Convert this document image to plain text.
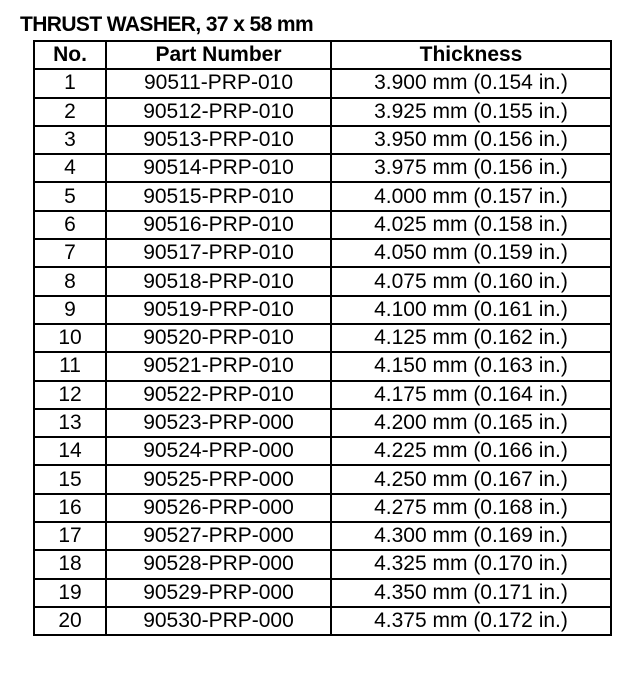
THRUST WASHER, 37 x 58 mm
No.	Part Number	Thickness
1	90511-PRP-010	3.900 mm (0.154 in.)
2	90512-PRP-010	3.925 mm (0.155 in.)
3	90513-PRP-010	3.950 mm (0.156 in.)
4	90514-PRP-010	3.975 mm (0.156 in.)
5	90515-PRP-010	4.000 mm (0.157 in.)
6	90516-PRP-010	4.025 mm (0.158 in.)
7	90517-PRP-010	4.050 mm (0.159 in.)
8	90518-PRP-010	4.075 mm (0.160 in.)
9	90519-PRP-010	4.100 mm (0.161 in.)
10	90520-PRP-010	4.125 mm (0.162 in.)
11	90521-PRP-010	4.150 mm (0.163 in.)
12	90522-PRP-010	4.175 mm (0.164 in.)
13	90523-PRP-000	4.200 mm (0.165 in.)
14	90524-PRP-000	4.225 mm (0.166 in.)
15	90525-PRP-000	4.250 mm (0.167 in.)
16	90526-PRP-000	4.275 mm (0.168 in.)
17	90527-PRP-000	4.300 mm (0.169 in.)
18	90528-PRP-000	4.325 mm (0.170 in.)
19	90529-PRP-000	4.350 mm (0.171 in.)
20	90530-PRP-000	4.375 mm (0.172 in.)
